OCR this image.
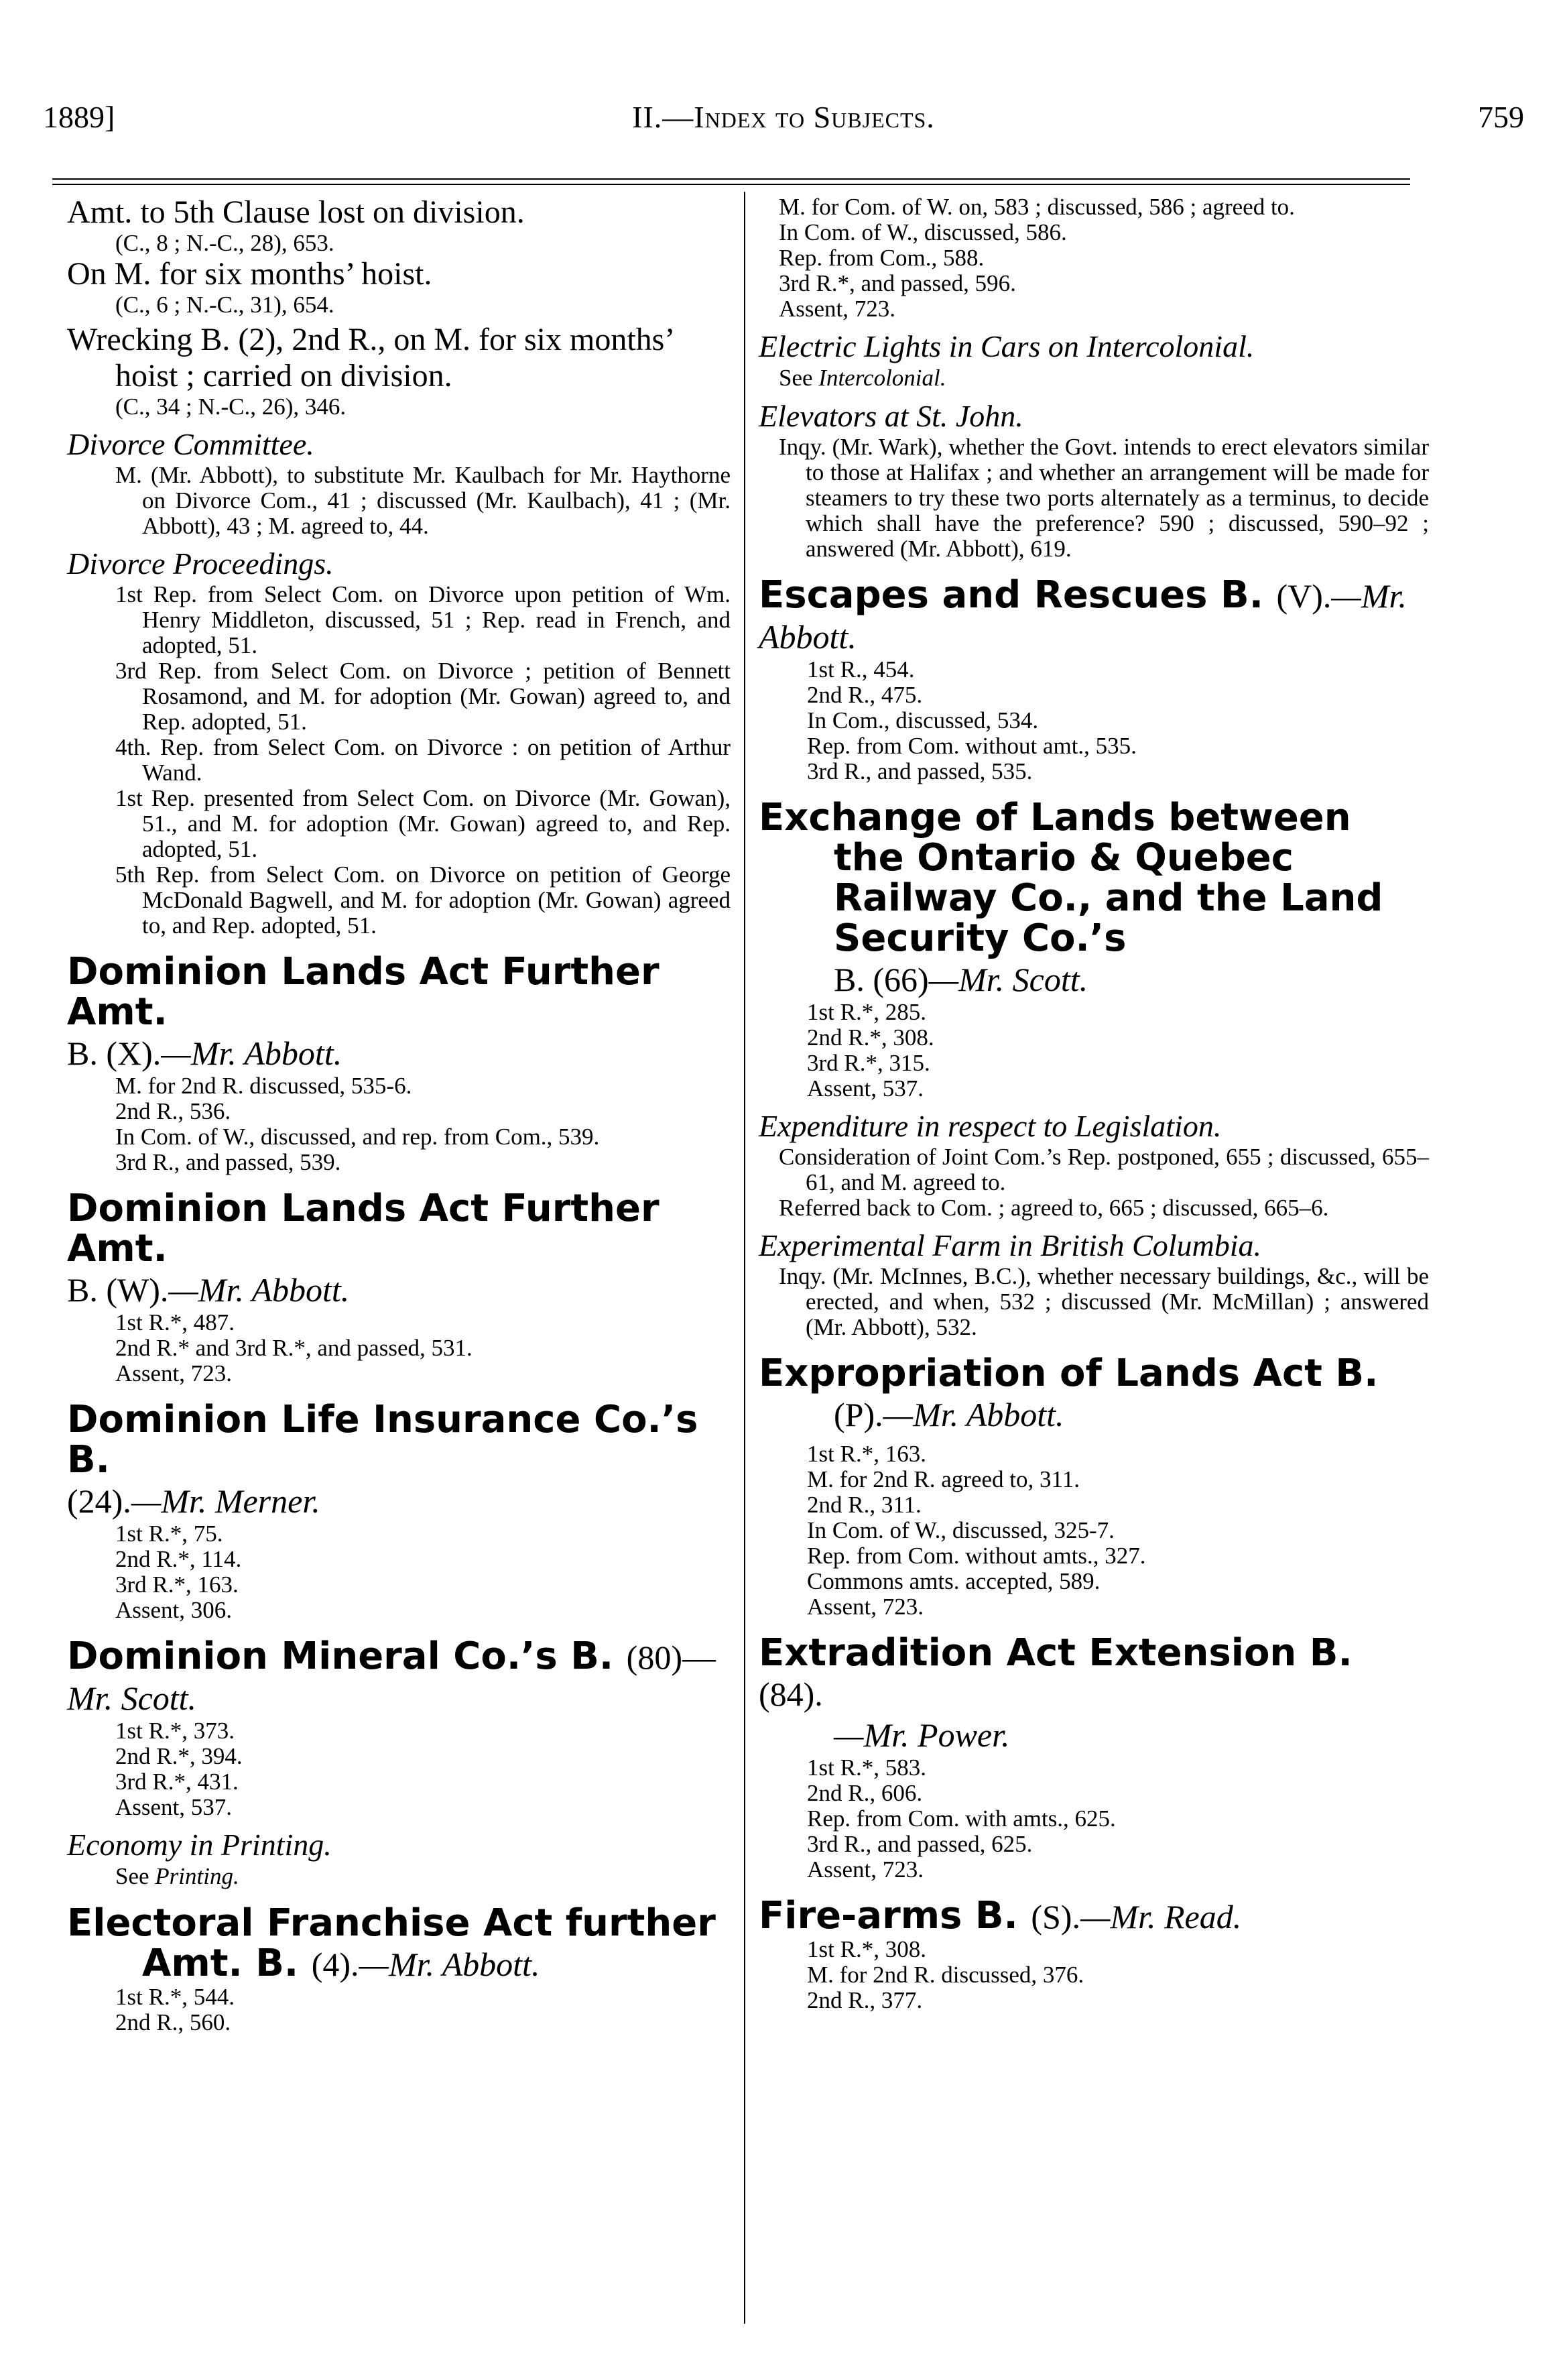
1889]	II.—Index to Subjects.	759
Amt. to 5th Clause lost on division.
(C., 8 ; N.-C., 28), 653.
On M. for six months’ hoist.
(C., 6 ; N.-C., 31), 654.
Wrecking B. (2), 2nd R., on M. for six months’ hoist ; carried on division.
(C., 34 ; N.-C., 26), 346.
Divorce Committee.
M. (Mr. Abbott), to substitute Mr. Kaulbach for Mr. Haythorne on Divorce Com., 41 ; discussed (Mr. Kaulbach), 41 ; (Mr. Abbott), 43 ; M. agreed to, 44.
Divorce Proceedings.
1st Rep. from Select Com. on Divorce upon petition of Wm. Henry Middleton, discussed, 51 ; Rep. read in French, and adopted, 51.
3rd Rep. from Select Com. on Divorce ; petition of Bennett Rosamond, and M. for adoption (Mr. Gowan) agreed to, and Rep. adopted, 51.
4th. Rep. from Select Com. on Divorce : on petition of Arthur Wand.
1st Rep. presented from Select Com. on Divorce (Mr. Gowan), 51., and M. for adoption (Mr. Gowan) agreed to, and Rep. adopted, 51.
5th Rep. from Select Com. on Divorce on petition of George McDonald Bagwell, and M. for adoption (Mr. Gowan) agreed to, and Rep. adopted, 51.
Dominion Lands Act Further Amt.
B. (X).—Mr. Abbott.
M. for 2nd R. discussed, 535-6.
2nd R., 536.
In Com. of W., discussed, and rep. from Com., 539.
3rd R., and passed, 539.
Dominion Lands Act Further Amt.
B. (W).—Mr. Abbott.
1st R.*, 487.
2nd R.* and 3rd R.*, and passed, 531.
Assent, 723.
Dominion Life Insurance Co.’s B.
(24).—Mr. Merner.
1st R.*, 75.
2nd R.*, 114.
3rd R.*, 163.
Assent, 306.
Dominion Mineral Co.’s B. (80)—
Mr. Scott.
1st R.*, 373.
2nd R.*, 394.
3rd R.*, 431.
Assent, 537.
Economy in Printing.
See Printing.
Electoral Franchise Act further
Amt. B. (4).—Mr. Abbott.
1st R.*, 544.
2nd R., 560.
M. for Com. of W. on, 583 ; discussed, 586 ; agreed to.
In Com. of W., discussed, 586.
Rep. from Com., 588.
3rd R.*, and passed, 596.
Assent, 723.
Electric Lights in Cars on Intercolonial.
See Intercolonial.
Elevators at St. John.
Inqy. (Mr. Wark), whether the Govt. intends to erect elevators similar to those at Halifax ; and whether an arrangement will be made for steamers to try these two ports alternately as a terminus, to decide which shall have the preference? 590 ; discussed, 590–92 ; answered (Mr. Abbott), 619.
Escapes and Rescues B. (V).—Mr. Abbott.
1st R., 454.
2nd R., 475.
In Com., discussed, 534.
Rep. from Com. without amt., 535.
3rd R., and passed, 535.
Exchange of Lands between the Ontario & Quebec Railway Co., and the Land Security Co.’s
B. (66)—Mr. Scott.
1st R.*, 285.
2nd R.*, 308.
3rd R.*, 315.
Assent, 537.
Expenditure in respect to Legislation.
Consideration of Joint Com.’s Rep. postponed, 655 ; discussed, 655–61, and M. agreed to.
Referred back to Com. ; agreed to, 665 ; discussed, 665–6.
Experimental Farm in British Columbia.
Inqy. (Mr. McInnes, B.C.), whether necessary buildings, &c., will be erected, and when, 532 ; discussed (Mr. McMillan) ; answered (Mr. Abbott), 532.
Expropriation of Lands Act B.
(P).—Mr. Abbott.
1st R.*, 163.
M. for 2nd R. agreed to, 311.
2nd R., 311.
In Com. of W., discussed, 325-7.
Rep. from Com. without amts., 327.
Commons amts. accepted, 589.
Assent, 723.
Extradition Act Extension B. (84).
—Mr. Power.
1st R.*, 583.
2nd R., 606.
Rep. from Com. with amts., 625.
3rd R., and passed, 625.
Assent, 723.
Fire-arms B. (S).—Mr. Read.
1st R.*, 308.
M. for 2nd R. discussed, 376.
2nd R., 377.
